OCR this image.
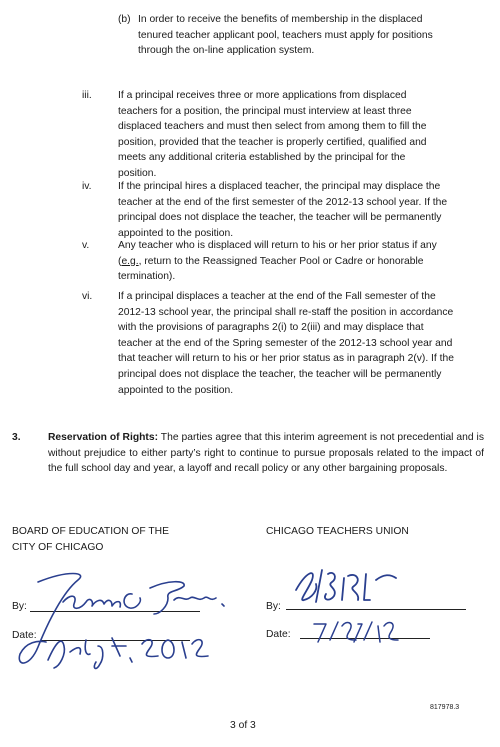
(b) In order to receive the benefits of membership in the displaced tenured teacher applicant pool, teachers must apply for positions through the on-line application system.
iii.	If a principal receives three or more applications from displaced teachers for a position, the principal must interview at least three displaced teachers and must then select from among them to fill the position, provided that the teacher is properly certified, qualified and meets any additional criteria established by the principal for the position.
iv.	If the principal hires a displaced teacher, the principal may displace the teacher at the end of the first semester of the 2012-13 school year. If the principal does not displace the teacher, the teacher will be permanently appointed to the position.
v.	Any teacher who is displaced will return to his or her prior status if any (e.g., return to the Reassigned Teacher Pool or Cadre or honorable termination).
vi. If a principal displaces a teacher at the end of the Fall semester of the 2012-13 school year, the principal shall re-staff the position in accordance with the provisions of paragraphs 2(i) to 2(iii) and may displace that teacher at the end of the Spring semester of the 2012-13 school year and that teacher will return to his or her prior status as in paragraph 2(v). If the principal does not displace the teacher, the teacher will be permanently appointed to the position.
3.	Reservation of Rights: The parties agree that this interim agreement is not precedential and is without prejudice to either party’s right to continue to pursue proposals related to the impact of the full school day and year, a layoff and recall policy or any other bargaining proposals.
BOARD OF EDUCATION OF THE
CITY OF CHICAGO
By:
Date:
CHICAGO TEACHERS UNION
By:
Date:
817978.3
3 of 3
